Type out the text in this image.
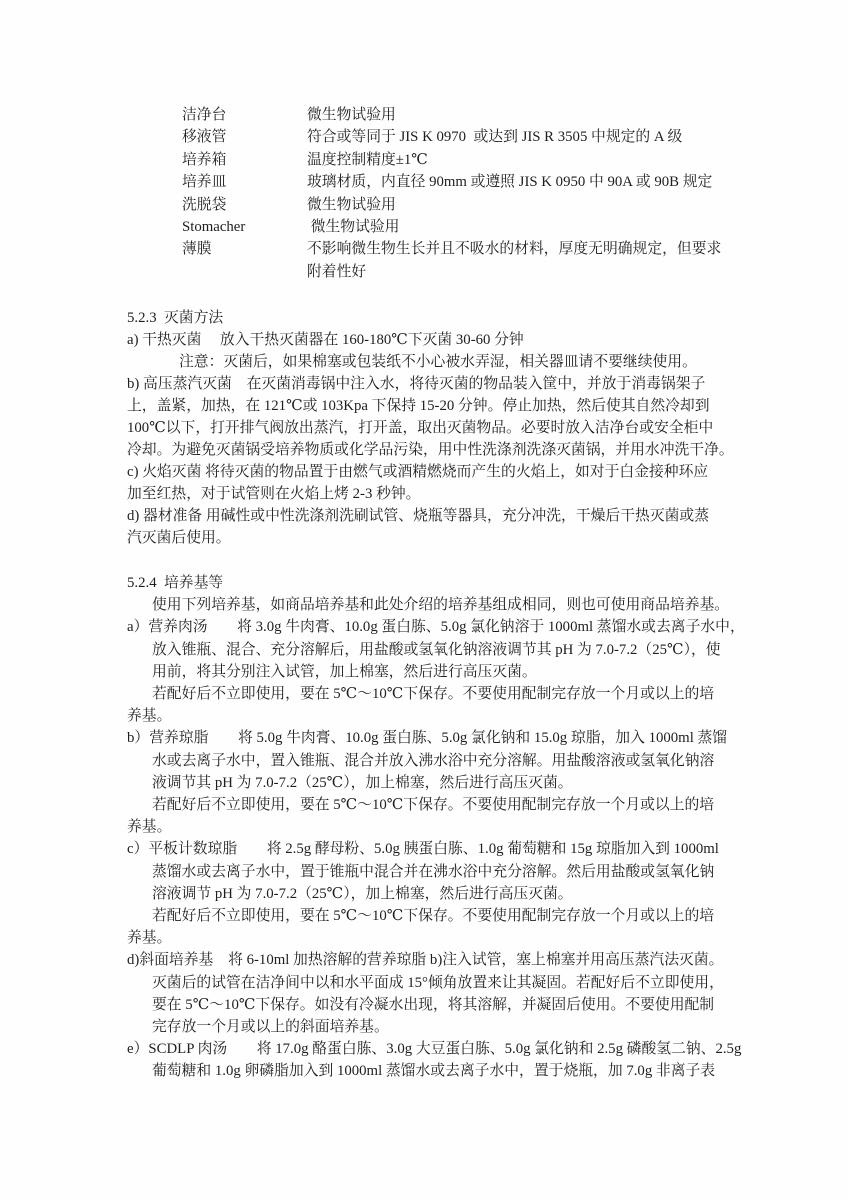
洁净台	微生物试验用
移液管	符合或等同于 JIS K 0970  或达到 JIS R 3505 中规定的 A 级
培养箱	温度控制精度±1℃
培养皿	玻璃材质，内直径 90mm 或遵照 JIS K 0950 中 90A 或 90B 规定
洗脱袋	微生物试验用
Stomacher	微生物试验用
薄膜	不影响微生物生长并且不吸水的材料，厚度无明确规定，但要求
附着性好
5.2.3  灭菌方法
a) 干热灭菌　 放入干热灭菌器在 160-180℃下灭菌 30-60 分钟
注意：灭菌后，如果棉塞或包装纸不小心被水弄湿，相关器皿请不要继续使用。
b) 高压蒸汽灭菌　在灭菌消毒锅中注入水，将待灭菌的物品装入筐中，并放于消毒锅架子
上，盖紧，加热，在 121℃或 103Kpa 下保持 15-20 分钟。停止加热，然后使其自然冷却到
100℃以下，打开排气阀放出蒸汽，打开盖，取出灭菌物品。必要时放入洁净台或安全柜中
冷却。为避免灭菌锅受培养物质或化学品污染，用中性洗涤剂洗涤灭菌锅，并用水冲洗干净。
c) 火焰灭菌 将待灭菌的物品置于由燃气或酒精燃烧而产生的火焰上，如对于白金接种环应
加至红热，对于试管则在火焰上烤 2-3 秒钟。
d) 器材准备 用碱性或中性洗涤剂洗刷试管、烧瓶等器具，充分冲洗，干燥后干热灭菌或蒸
汽灭菌后使用。
5.2.4  培养基等
使用下列培养基，如商品培养基和此处介绍的培养基组成相同，则也可使用商品培养基。
a）营养肉汤　　将 3.0g 牛肉膏、10.0g 蛋白胨、5.0g 氯化钠溶于 1000ml 蒸馏水或去离子水中，
放入锥瓶、混合、充分溶解后，用盐酸或氢氧化钠溶液调节其 pH 为 7.0-7.2（25℃），使
用前，将其分别注入试管，加上棉塞，然后进行高压灭菌。
若配好后不立即使用，要在 5℃～10℃下保存。不要使用配制完存放一个月或以上的培
养基。
b）营养琼脂　　将 5.0g 牛肉膏、10.0g 蛋白胨、5.0g 氯化钠和 15.0g 琼脂，加入 1000ml 蒸馏
水或去离子水中，置入锥瓶、混合并放入沸水浴中充分溶解。用盐酸溶液或氢氧化钠溶
液调节其 pH 为 7.0-7.2（25℃），加上棉塞，然后进行高压灭菌。
若配好后不立即使用，要在 5℃～10℃下保存。不要使用配制完存放一个月或以上的培
养基。
c）平板计数琼脂　　将 2.5g 酵母粉、5.0g 胰蛋白胨、1.0g 葡萄糖和 15g 琼脂加入到 1000ml
蒸馏水或去离子水中，置于锥瓶中混合并在沸水浴中充分溶解。然后用盐酸或氢氧化钠
溶液调节 pH 为 7.0-7.2（25℃），加上棉塞，然后进行高压灭菌。
若配好后不立即使用，要在 5℃～10℃下保存。不要使用配制完存放一个月或以上的培
养基。
d)斜面培养基　将 6-10ml 加热溶解的营养琼脂 b)注入试管，塞上棉塞并用高压蒸汽法灭菌。
灭菌后的试管在洁净间中以和水平面成 15°倾角放置来让其凝固。若配好后不立即使用，
要在 5℃～10℃下保存。如没有冷凝水出现，将其溶解，并凝固后使用。不要使用配制
完存放一个月或以上的斜面培养基。
e）SCDLP 肉汤　　将 17.0g 酪蛋白胨、3.0g 大豆蛋白胨、5.0g 氯化钠和 2.5g 磷酸氢二钠、2.5g
葡萄糖和 1.0g 卵磷脂加入到 1000ml 蒸馏水或去离子水中，置于烧瓶，加 7.0g 非离子表
